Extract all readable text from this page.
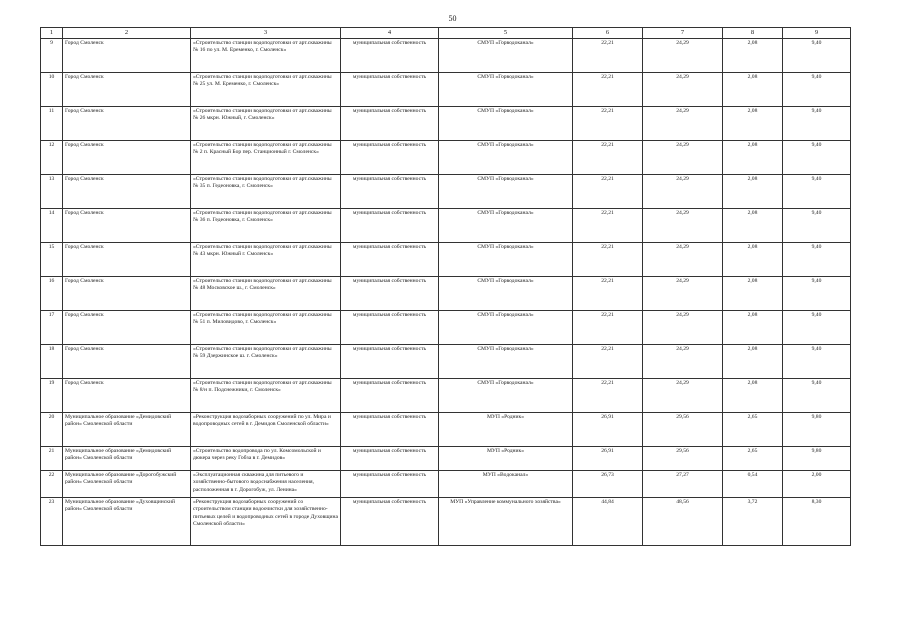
50
1	2	3	4	5	6	7	8	9	
9	Город Смоленск	«Строительство станции водоподготовки от арт.скважины № 16 по ул. М. Еременко, г. Смоленск»	муниципальная собственность	СМУП «Горводоканал»	22,21	24,29	2,08	9,40	
10	Город Смоленск	«Строительство станции водоподготовки от арт.скважины № 25 ул. М. Еременко, г. Смоленск»	муниципальная собственность	СМУП «Горводоканал»	22,21	24,29	2,08	9,40	
11	Город Смоленск	«Строительство станции водоподготовки от арт.скважины № 26 мкрн. Южный, г. Смоленск»	муниципальная собственность	СМУП «Горводоканал»	22,21	24,29	2,08	9,40	
12	Город Смоленск	«Строительство станции водоподготовки от арт.скважины № 2 п. Красный Бор пер. Станционный г. Смоленск»	муниципальная собственность	СМУП «Горводоканал»	22,21	24,29	2,08	9,40	
13	Город Смоленск	«Строительство станции водоподготовки от арт.скважины № 35 п. Гедеоновка, г. Смоленск»	муниципальная собственность	СМУП «Горводоканал»	22,21	24,29	2,08	9,40	
14	Город Смоленск	«Строительство станции водоподготовки от арт.скважины № 36 п. Гедеоновка, г. Смоленск»	муниципальная собственность	СМУП «Горводоканал»	22,21	24,29	2,08	9,40	
15	Город Смоленск	«Строительство станции водоподготовки от арт.скважины № 43 мкрн. Южный г. Смоленск»	муниципальная собственность	СМУП «Горводоканал»	22,21	24,29	2,08	9,40	
16	Город Смоленск	«Строительство станции водоподготовки от арт.скважины № 48 Московское ш., г. Смоленск»	муниципальная собственность	СМУП «Горводоканал»	22,21	24,29	2,08	9,40	
17	Город Смоленск	«Строительство станции водоподготовки от арт.скважины № 51 п. Миловидово, г. Смоленск»	муниципальная собственность	СМУП «Горводоканал»	22,21	24,29	2,08	9,40	
18	Город Смоленск	«Строительство станции водоподготовки от арт.скважины № 59 Дзержинское ш. г. Смоленск»	муниципальная собственность	СМУП «Горводоканал»	22,21	24,29	2,08	9,40	
19	Город Смоленск	«Строительство станции водоподготовки от арт.скважины № 8/н п. Подснежники, г. Смоленск»	муниципальная собственность	СМУП «Горводоканал»	22,21	24,29	2,08	9,40	
20	Муниципальное образование «Демидовский район» Смоленской области	«Реконструкция водозаборных сооружений по ул. Мира и водопроводных сетей в г. Демидов Смоленской области»	муниципальная собственность	МУП «Родник»	26,91	29,56	2,65	9,80	
21	Муниципальное образование «Демидовский район» Смоленской области	«Строительство водопровода по ул. Комсомольской и дюкера через реку Гобза в г. Демидов»	муниципальная собственность	МУП «Родник»	26,91	29,56	2,65	9,80	
22	Муниципальное образование «Дорогобужский район» Смоленской области	«Эксплуатационная скважина для питьевого и хозяйственно-бытового водоснабжения населения, расположенная в г. Дорогобуж, ул. Ленина»	муниципальная собственность	МУП «Водоканал»	26,73	27,27	0,54	2,00	
23	Муниципальное образование «Духовщинский район» Смоленской области	«Реконструкция водозаборных сооружений со строительством станции водоочистки для хозяйственно-питьевых целей и водопроводных сетей в городе Духовщина Смоленской области»	муниципальная собственность	МУП «Управление коммунального хозяйства»	44,84	48,56	3,72	8,30	
